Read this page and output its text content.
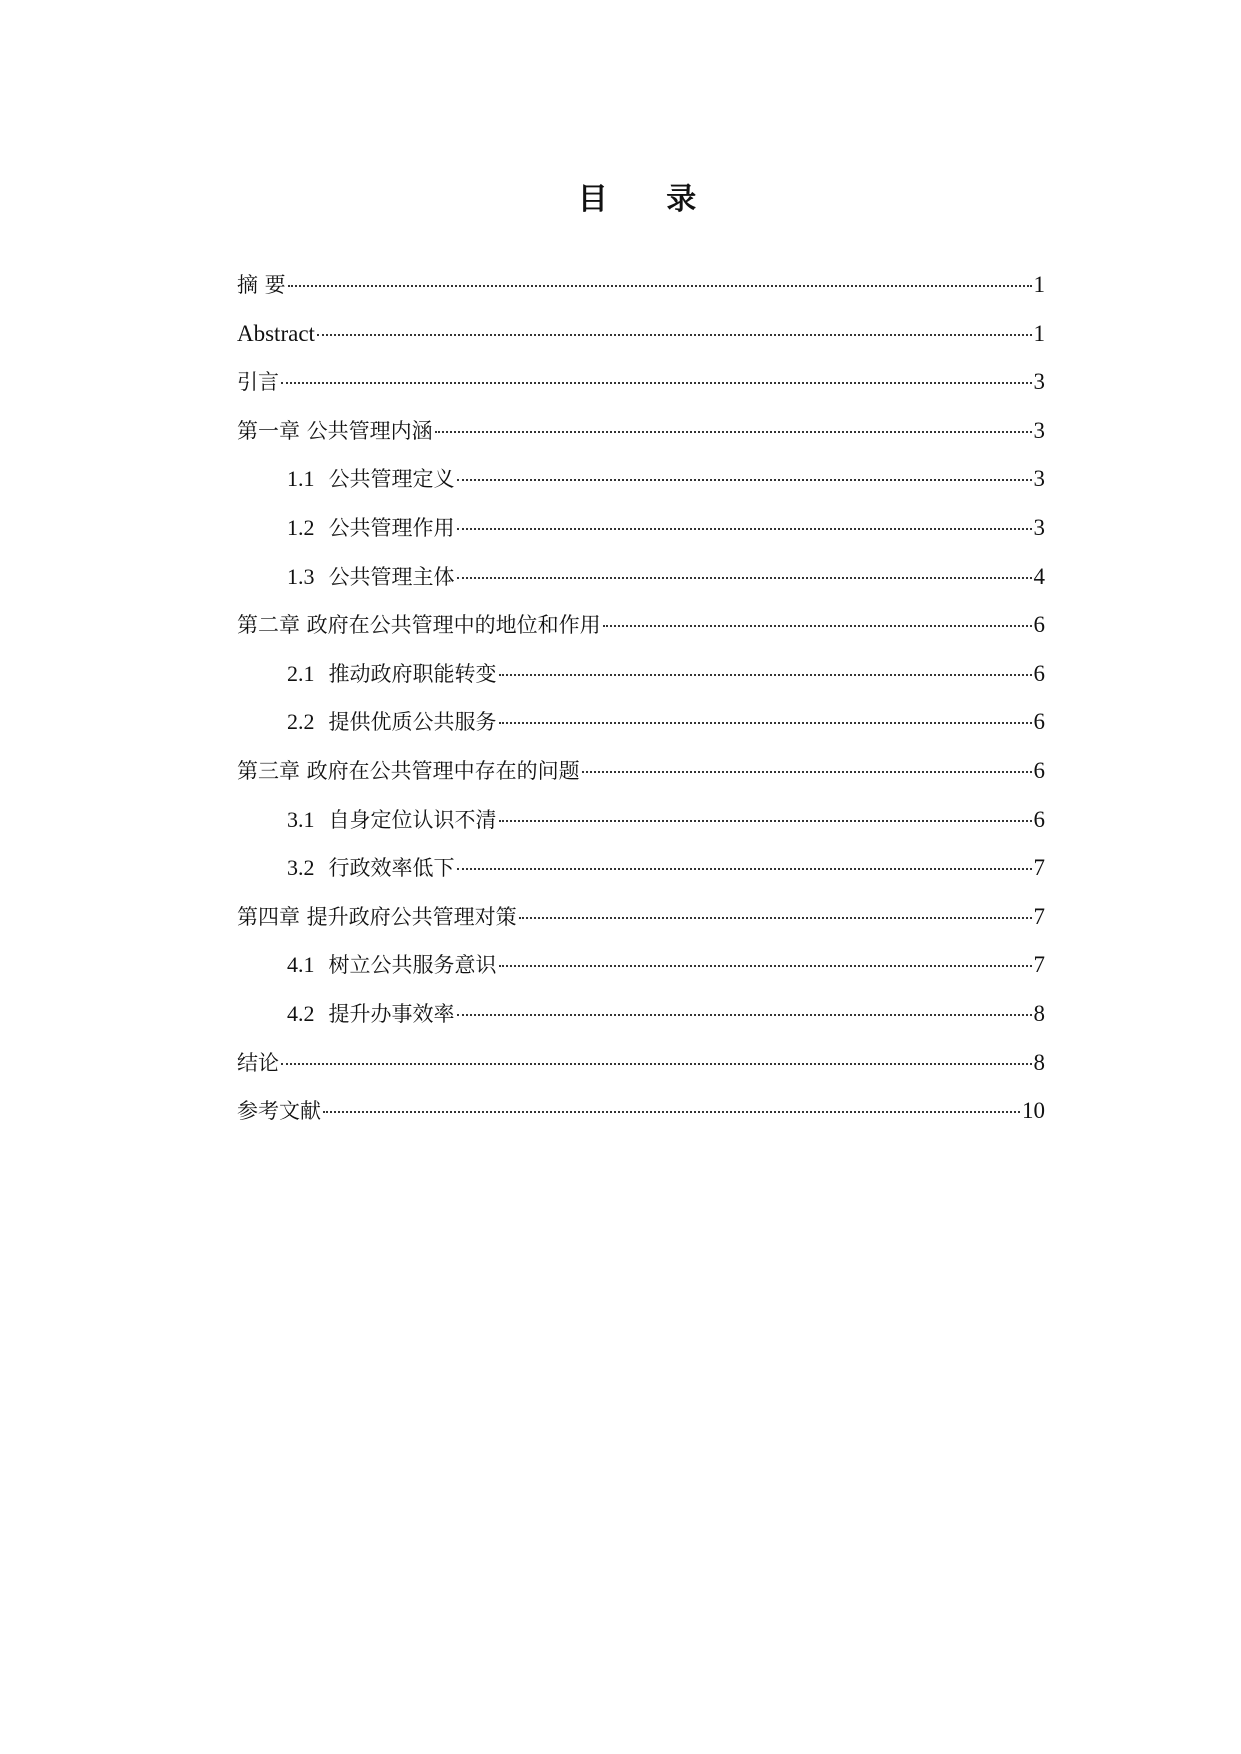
目 录
摘 要	1
Abstract	1
引言	3
第一章 公共管理内涵	3
1.1 公共管理定义	3
1.2 公共管理作用	3
1.3 公共管理主体	4
第二章 政府在公共管理中的地位和作用	6
2.1 推动政府职能转变	6
2.2 提供优质公共服务	6
第三章 政府在公共管理中存在的问题	6
3.1 自身定位认识不清	6
3.2 行政效率低下	7
第四章 提升政府公共管理对策	7
4.1 树立公共服务意识	7
4.2 提升办事效率	8
结论	8
参考文献	10
